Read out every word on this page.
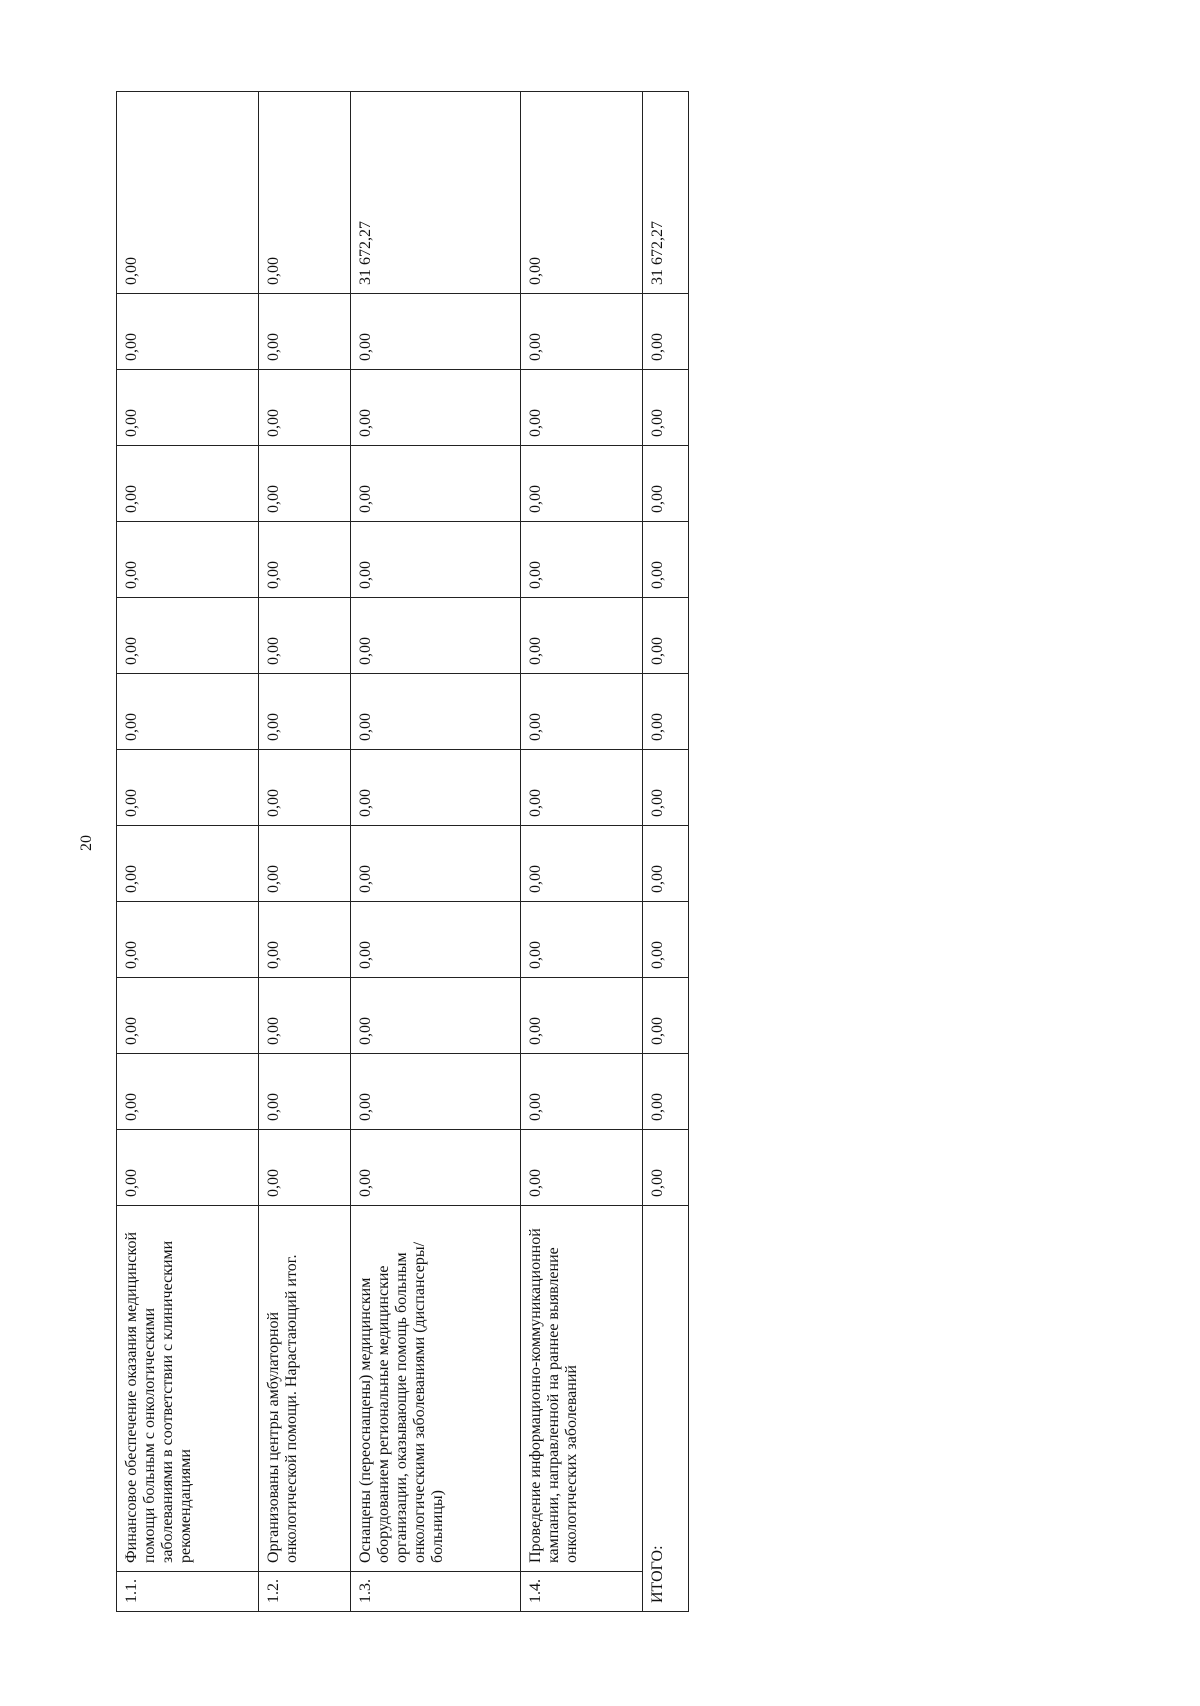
20
1.1.	Финансовое обеспечение оказания медицинской помощи больным с онкологическими заболеваниями в соответствии с клиническими рекомендациями	0,00	0,00	0,00	0,00	0,00	0,00	0,00	0,00	0,00	0,00	0,00	0,00	0,00
1.2.	Организованы центры амбулаторной онкологической помощи. Нарастающий итог.	0,00	0,00	0,00	0,00	0,00	0,00	0,00	0,00	0,00	0,00	0,00	0,00	0,00
1.3.	Оснащены (переоснащены) медицинским оборудованием региональные медицинские организации, оказывающие помощь больным онкологическими заболеваниями (диспансеры/больницы)	0,00	0,00	0,00	0,00	0,00	0,00	0,00	0,00	0,00	0,00	0,00	0,00	31 672,27
1.4.	Проведение информационно-коммуникационной кампании, направленной на раннее выявление онкологических заболеваний	0,00	0,00	0,00	0,00	0,00	0,00	0,00	0,00	0,00	0,00	0,00	0,00	0,00
ИТОГО:		0,00	0,00	0,00	0,00	0,00	0,00	0,00	0,00	0,00	0,00	0,00	0,00	31 672,27
